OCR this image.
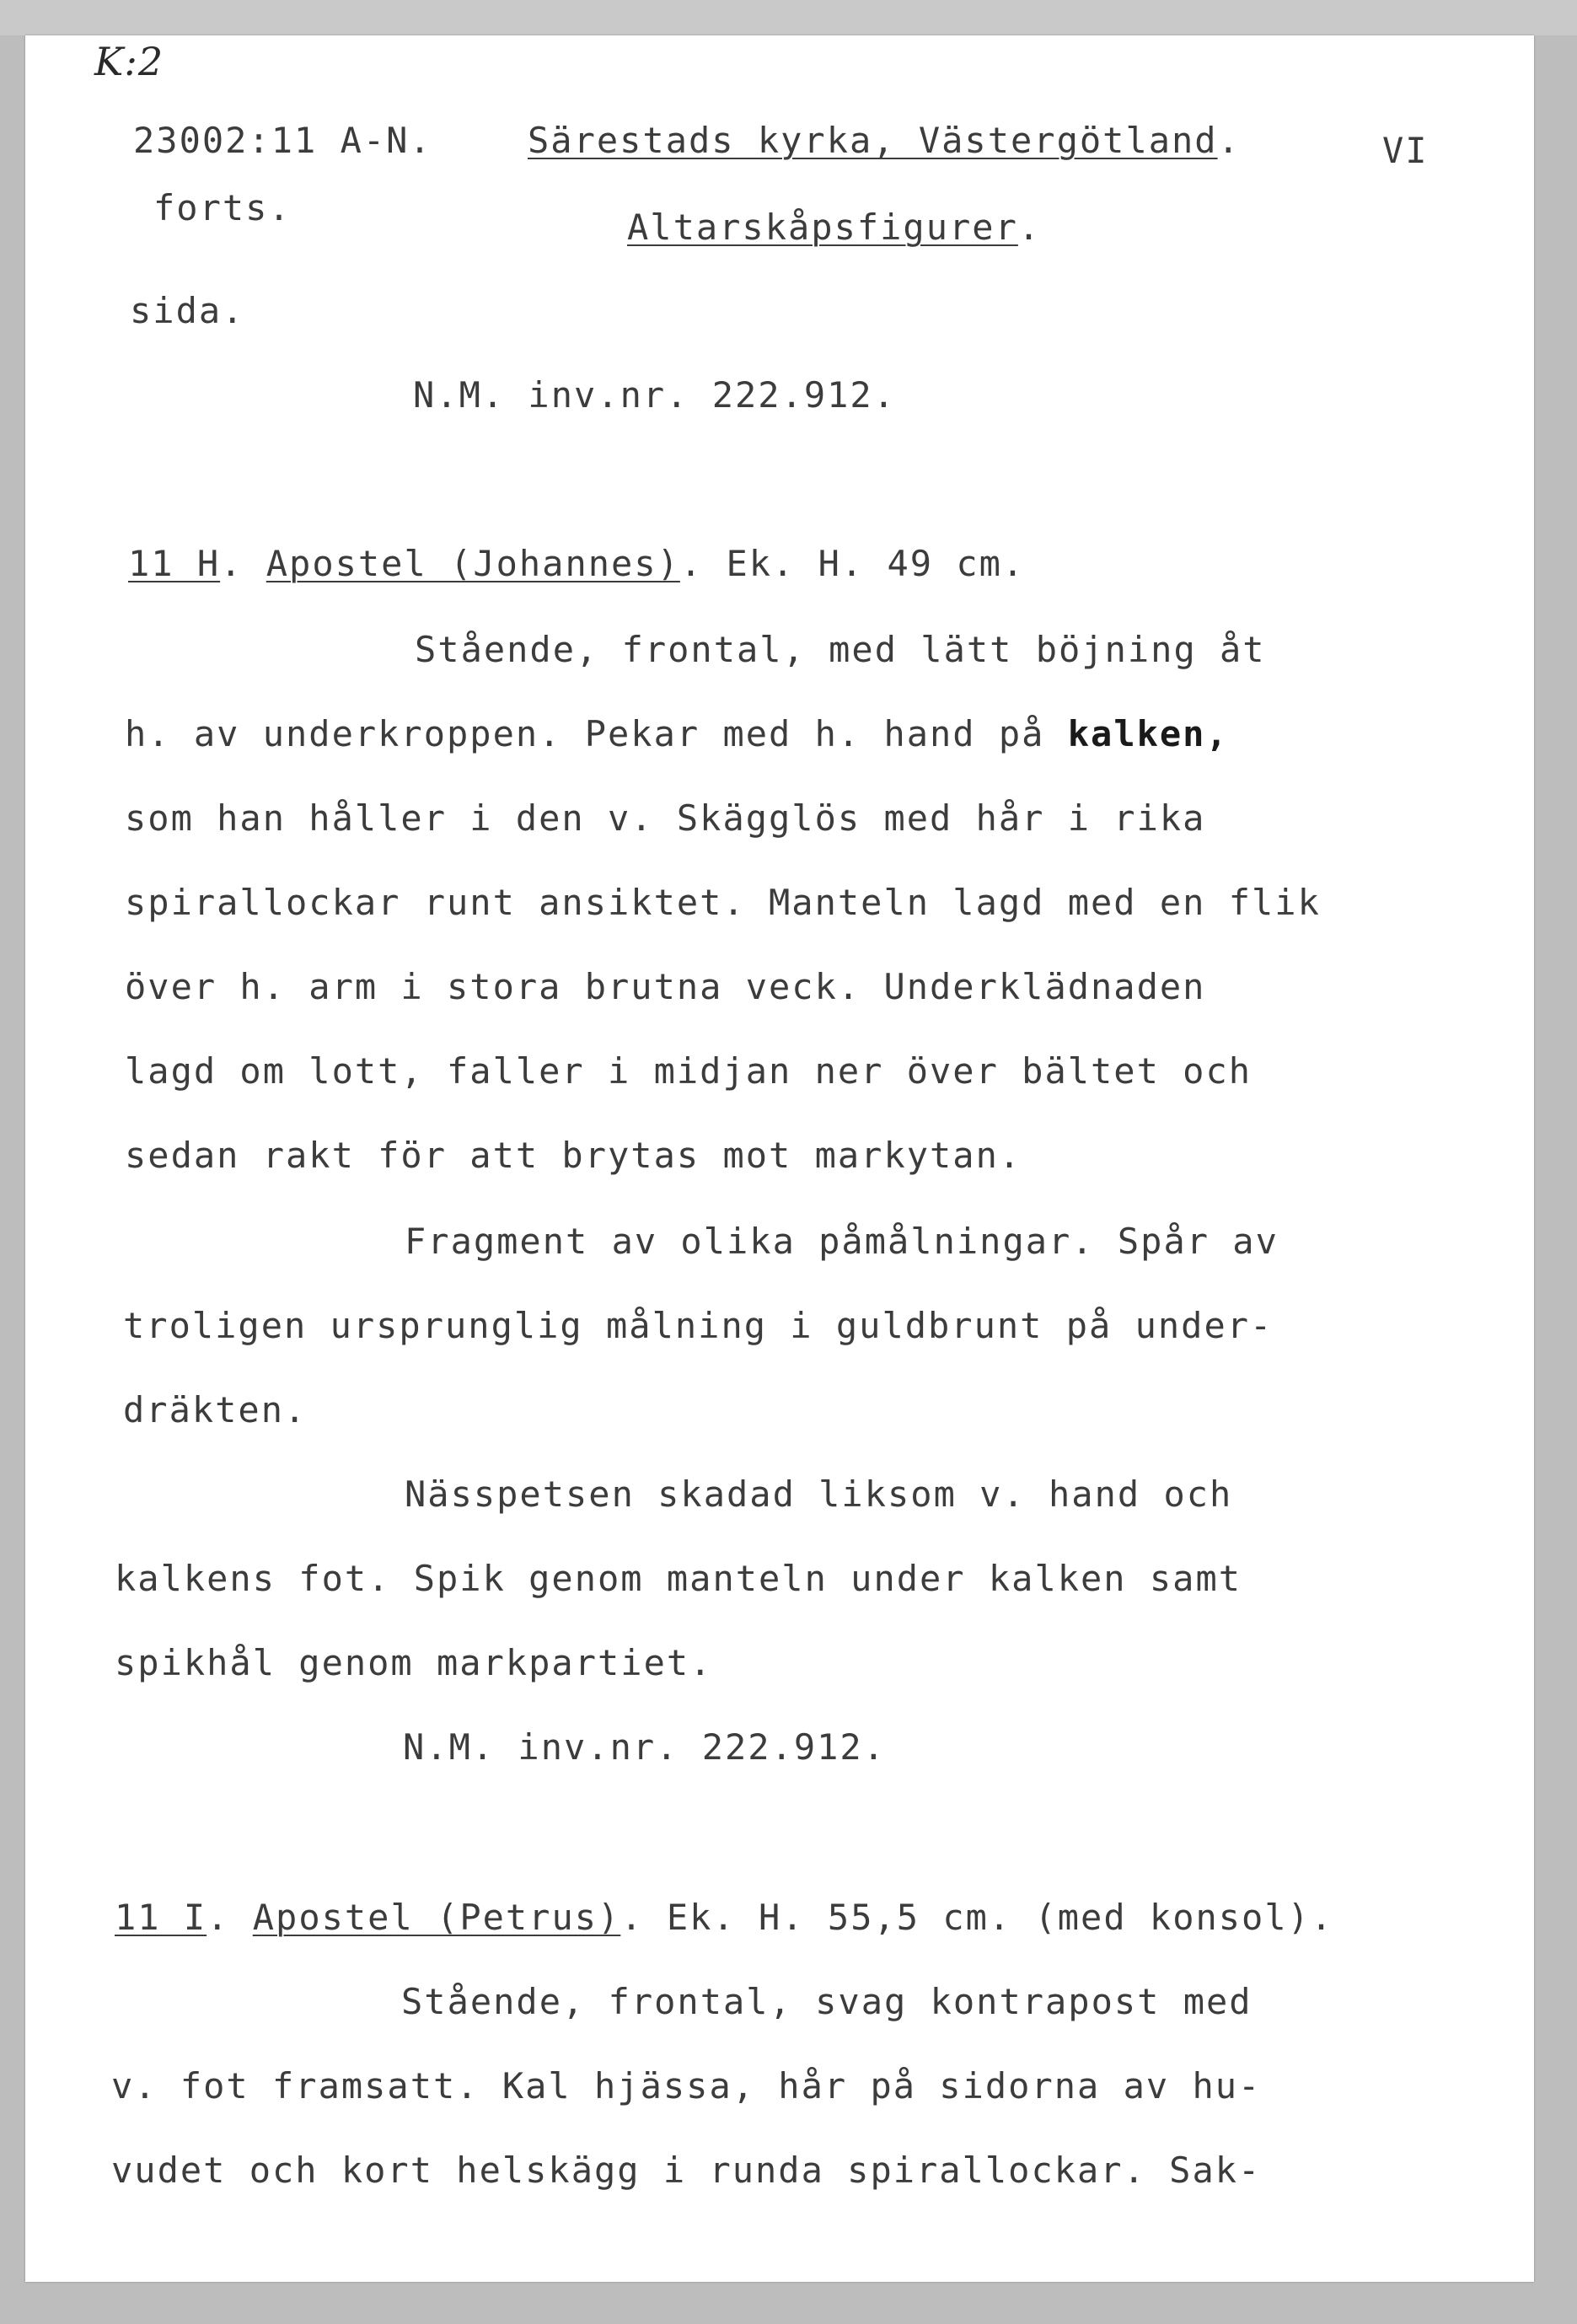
K:2
23002:11 A-N.	Särestads kyrka, Västergötland.	VI
forts.	Altarskåpsfigurer.
sida.
N.M. inv.nr. 222.912.
11 H. Apostel (Johannes). Ek. H. 49 cm.
Stående, frontal, med lätt böjning åt
h. av underkroppen. Pekar med h. hand på kalken,
som han håller i den v. Skägglös med hår i rika
spirallockar runt ansiktet. Manteln lagd med en flik
över h. arm i stora brutna veck. Underklädnaden
lagd om lott, faller i midjan ner över bältet och
sedan rakt för att brytas mot markytan.
Fragment av olika påmålningar. Spår av
troligen ursprunglig målning i guldbrunt på under-
dräkten.
Nässpetsen skadad liksom v. hand och
kalkens fot. Spik genom manteln under kalken samt
spikhål genom markpartiet.
N.M. inv.nr. 222.912.
11 I. Apostel (Petrus). Ek. H. 55,5 cm. (med konsol).
Stående, frontal, svag kontrapost med
v. fot framsatt. Kal hjässa, hår på sidorna av hu-
vudet och kort helskägg i runda spirallockar. Sak-
